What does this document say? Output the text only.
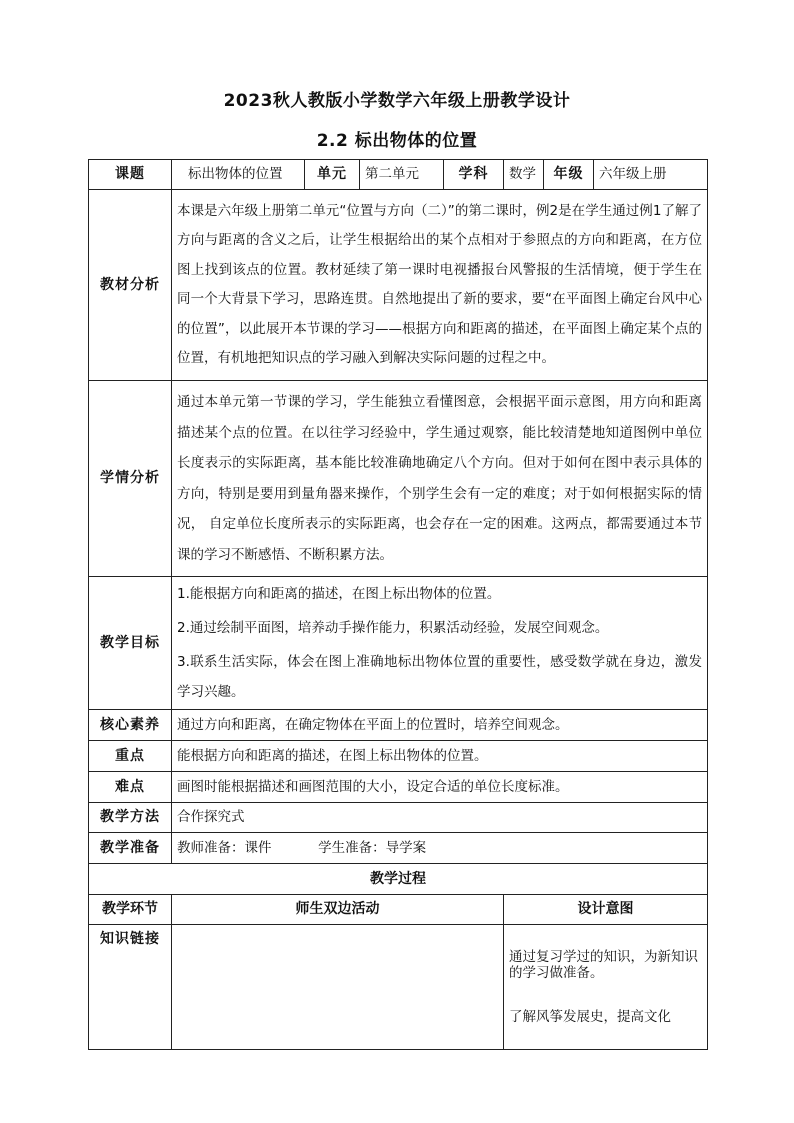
2023秋人教版小学数学六年级上册教学设计
2.2 标出物体的位置
课题	标出物体的位置	单元	第二单元	学科	数学	年级	六年级上册
教材分析	本课是六年级上册第二单元“位置与方向（二）”的第二课时，例2是在学生通过例1了解了方向与距离的含义之后，让学生根据给出的某个点相对于参照点的方向和距离，在方位图上找到该点的位置。教材延续了第一课时电视播报台风警报的生活情境，便于学生在同一个大背景下学习，思路连贯。自然地提出了新的要求，要“在平面图上确定台风中心的位置”，以此展开本节课的学习——根据方向和距离的描述，在平面图上确定某个点的位置，有机地把知识点的学习融入到解决实际问题的过程之中。						

学情分析	通过本单元第一节课的学习，学生能独立看懂图意，会根据平面示意图，用方向和距离 描述某个点的位置。在以往学习经验中，学生通过观察，能比较清楚地知道图例中单位长度表示的实际距离，基本能比较准确地确定八个方向。但对于如何在图中表示具体的方向，特别是要用到量角器来操作，个别学生会有一定的难度；对于如何根据实际的情况， 自定单位长度所表示的实际距离，也会存在一定的困难。这两点，都需要通过本节课的学习不断感悟、不断积累方法。						

教学目标	1.能根据方向和距离的描述，在图上标出物体的位置。
2.通过绘制平面图，培养动手操作能力，积累活动经验，发展空间观念。
3.联系生活实际，体会在图上准确地标出物体位置的重要性，感受数学就在身边，激发学习兴趣。						

核心素养	通过方向和距离，在确定物体在平面上的位置时，培养空间观念。						
重点	能根据方向和距离的描述，在图上标出物体的位置。						
难点	画图时能根据描述和画图范围的大小，设定合适的单位长度标准。						
教学方法	合作探究式						
教学准备	教师准备：课件 学生准备：导学案						
教学过程							
教学环节	师生双边活动				设计意图		
知识链接					通过复习学过的知识，为新知识的学习做准备。
了解风筝发展史，提高文化		
